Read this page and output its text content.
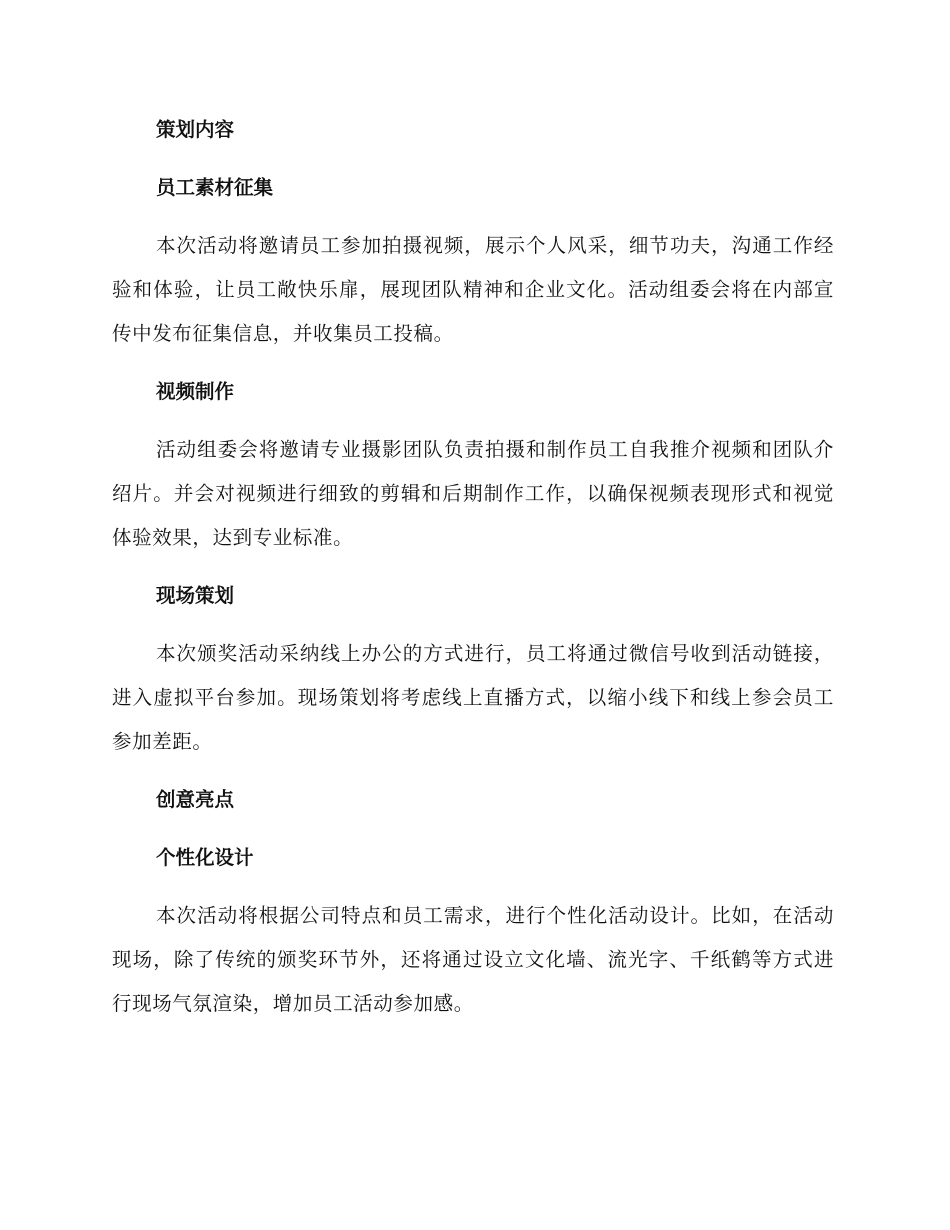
策划内容
员工素材征集

本次活动将邀请员工参加拍摄视频，展示个人风采，细节功夫，沟通工作经验和体验，让员工敞快乐扉，展现团队精神和企业文化。活动组委会将在内部宣传中发布征集信息，并收集员工投稿。

视频制作

活动组委会将邀请专业摄影团队负责拍摄和制作员工自我推介视频和团队介绍片。并会对视频进行细致的剪辑和后期制作工作，以确保视频表现形式和视觉体验效果，达到专业标准。

现场策划

本次颁奖活动采纳线上办公的方式进行，员工将通过微信号收到活动链接，进入虚拟平台参加。现场策划将考虑线上直播方式，以缩小线下和线上参会员工参加差距。

创意亮点
个性化设计

本次活动将根据公司特点和员工需求，进行个性化活动设计。比如，在活动现场，除了传统的颁奖环节外，还将通过设立文化墙、流光字、千纸鹤等方式进行现场气氛渲染，增加员工活动参加感。
